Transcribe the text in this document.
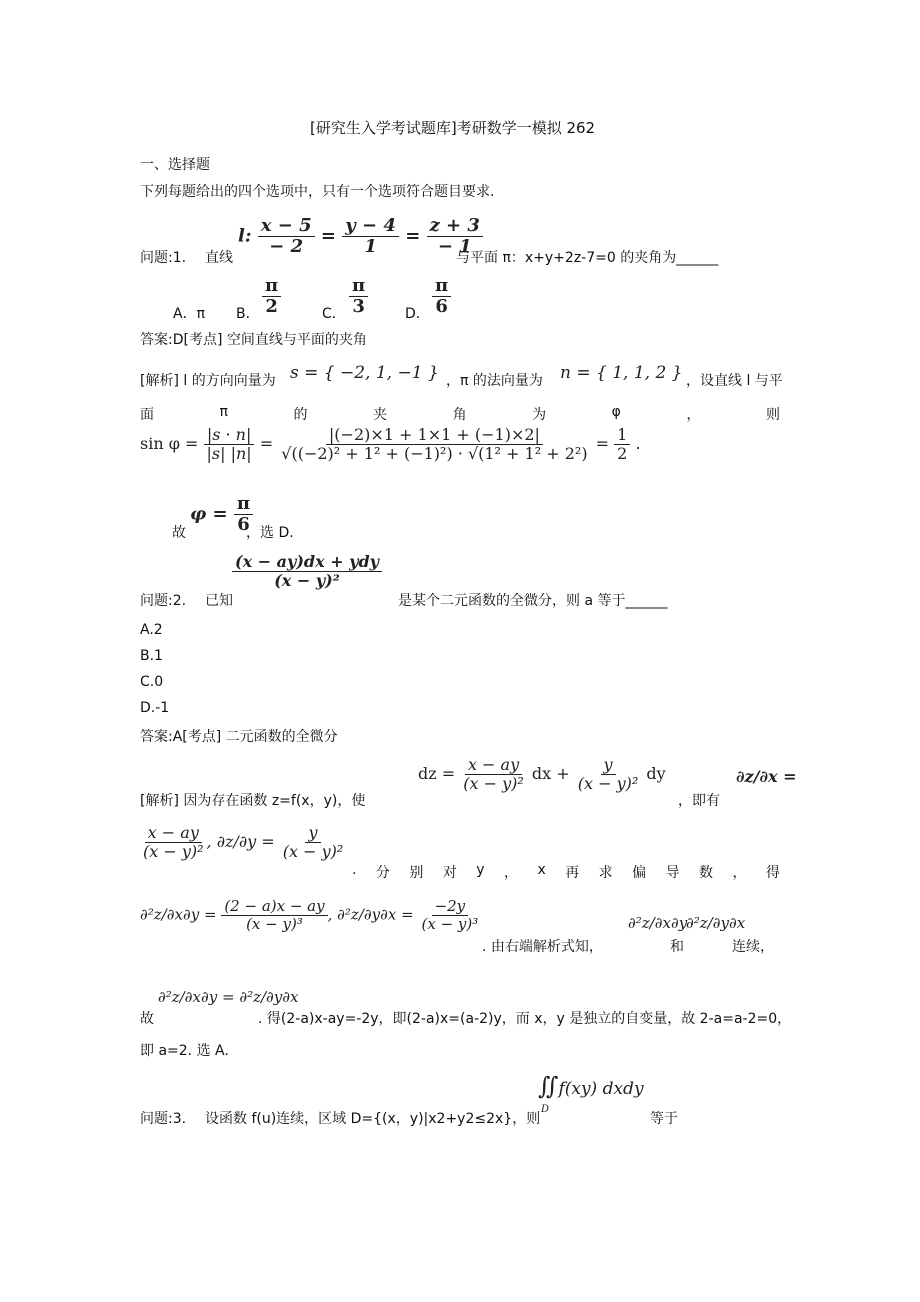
[研究生入学考试题库]考研数学一模拟 262
一、选择题
下列每题给出的四个选项中，只有一个选项符合题目要求.
问题:1. 直线
l: $\frac{x - 5}{- 2} = \frac{y - 4}{1} = \frac{z + 3}{- 1}$
与平面 π：x+y+2z-7=0 的夹角为______
A．π B． $\frac{\pi}{2}$	C． $\frac{\pi}{3}$	D． $\frac{\pi}{6}$
答案:D[考点] 空间直线与平面的夹角
[解析] l 的方向向量为 s = { −2, 1, −1 } ，π 的法向量为 n = { 1, 1, 2 } ，设直线 l 与平
面	π	的	夹	角	为	φ	，	则
$\sin \varphi = \frac{|s \cdot n|}{|s| |n|} = \frac{|(-2)\times 1 + 1\times 1 + (-1)\times 2|}{\text{√((−2)² + 1² + (−1)²) · √(1² + 1² + 2²)}} = \frac{1}{2}$ .
故
$\varphi = \frac{\pi}{6}$
，选 D.
$\frac{\text{(x − ay)dx + ydy}}{\text{(x − y)²}}$
问题:2. 已知	是某个二元函数的全微分，则 a 等于______
A.2
B.1
C.0
D.-1
答案:A[考点] 二元函数的全微分
[解析] 因为存在函数 z=f(x，y)，使
dz = $\frac{x - ay}{\text{(x − y)²}}$ dx + $\frac{y}{\text{(x − y)²}}$ dy
，即有
∂z/∂x =
$\frac{x - ay}{\text{(x − y)²}}$ , $\partial z/\partial y = \frac{y}{\text{(x − y)²}}$
. 分 别 对 y ， x 再 求 偏 导 数 ， 得
$\partial^2z/\partial x\partial y = \frac{(2 - a)x - ay}{\text{(x − y)³}}$ , $\partial^2z/\partial y\partial x = \frac{-2y}{\text{(x − y)³}}$
. 由右端解析式知，
∂²z/∂x∂y
和
∂²z/∂y∂x
连续，
故
∂²z/∂x∂y = ∂²z/∂y∂x
. 得(2-a)x-ay=-2y，即(2-a)x=(a-2)y，而 x，y 是独立的自变量，故 2-a=a-2=0，
即 a=2. 选 A.
∬f(xy) dxdy
D
问题:3. 设函数 f(u)连续，区域 D={(x，y)|x2+y2≤2x}，则	等于
